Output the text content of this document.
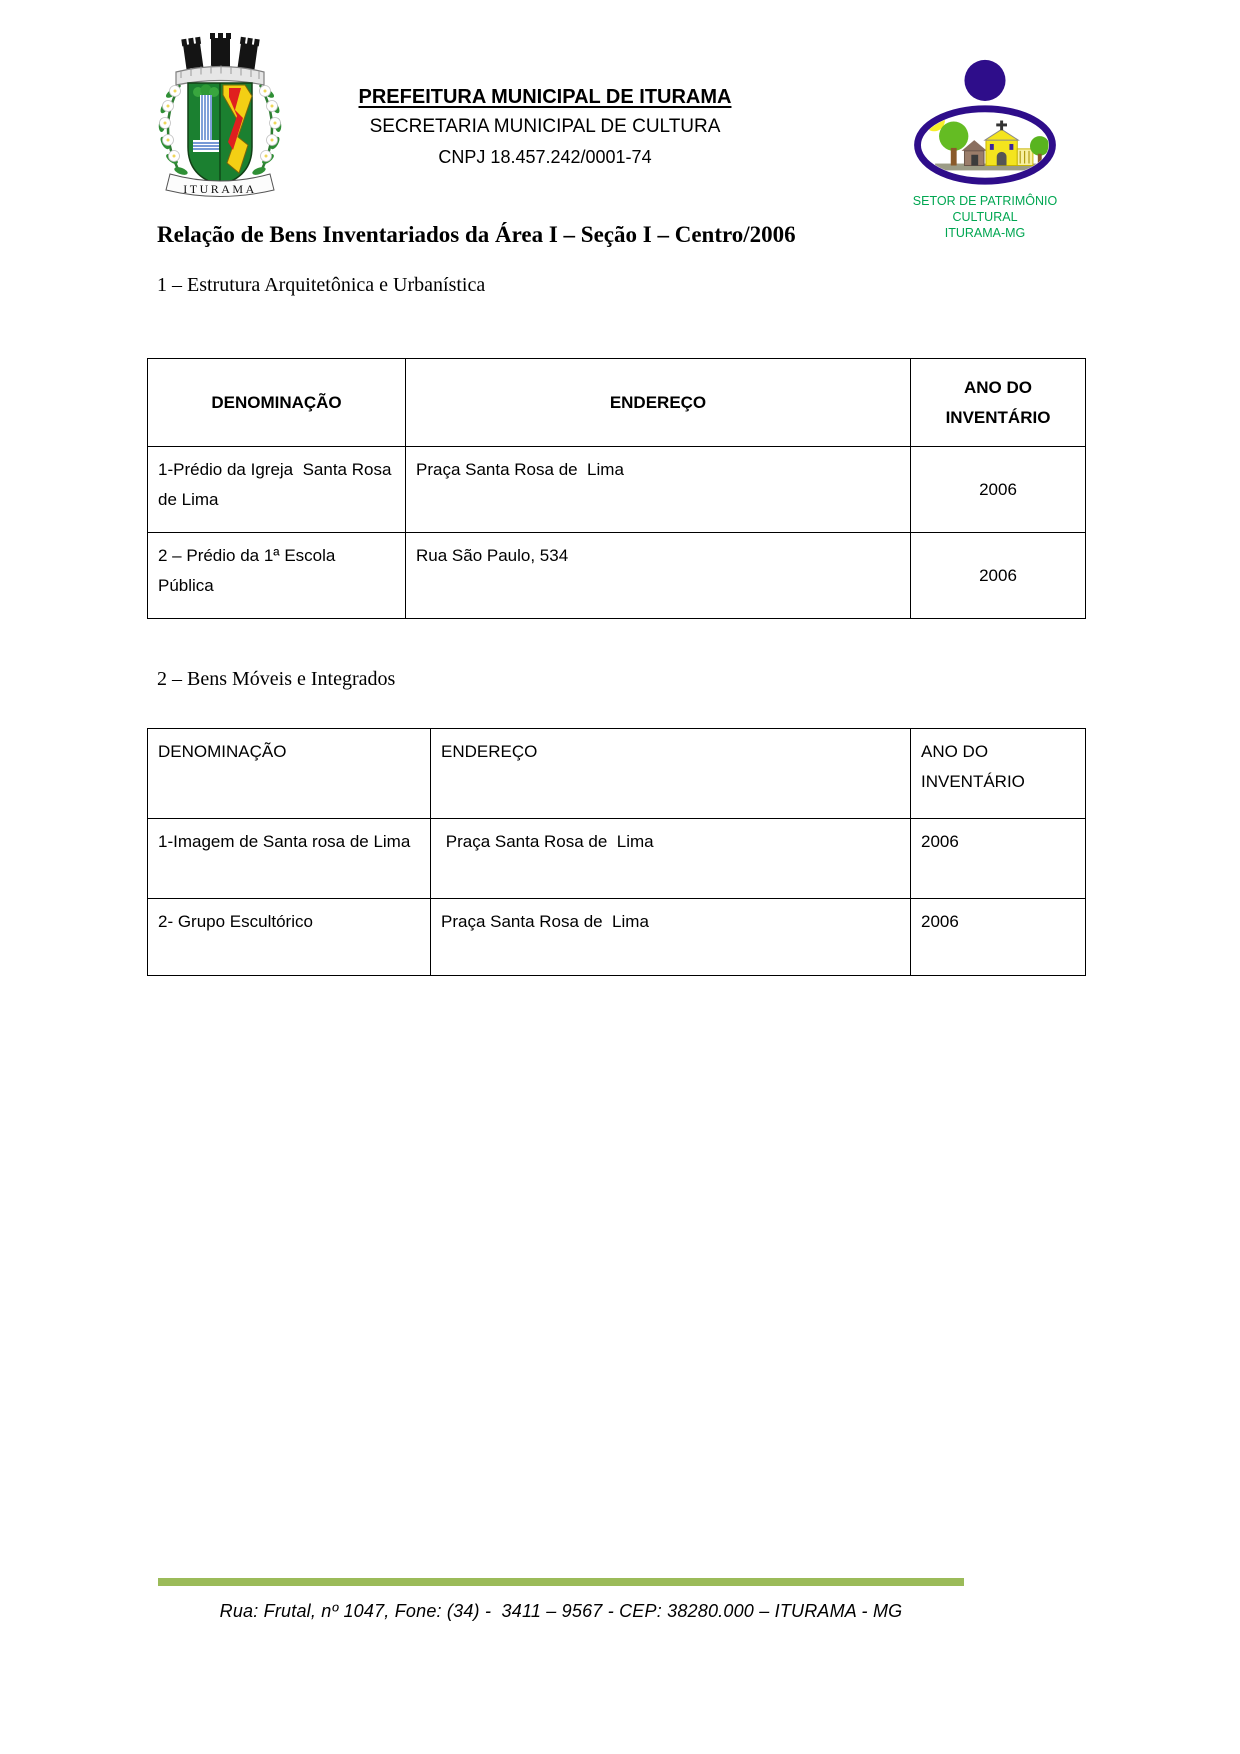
ITURAMA
PREFEITURA MUNICIPAL DE ITURAMA
SECRETARIA MUNICIPAL DE CULTURA
CNPJ 18.457.242/0001-74
SETOR DE PATRIMÔNIO CULTURAL
ITURAMA-MG
Relação de Bens Inventariados da Área I – Seção I – Centro/2006
1 – Estrutura Arquitetônica e Urbanística
DENOMINAÇÃO	ENDEREÇO	ANO DO INVENTÁRIO
1-Prédio da Igreja  Santa Rosa de Lima	Praça Santa Rosa de  Lima	2006
2 – Prédio da 1ª Escola Pública	Rua São Paulo, 534	2006
2 – Bens Móveis e Integrados
DENOMINAÇÃO	ENDEREÇO	ANO DO INVENTÁRIO
1-Imagem de Santa rosa de Lima	Praça Santa Rosa de  Lima	2006
2- Grupo Escultórico	Praça Santa Rosa de  Lima	2006
Rua: Frutal, nº 1047, Fone: (34) -  3411 – 9567 - CEP: 38280.000 – ITURAMA - MG
